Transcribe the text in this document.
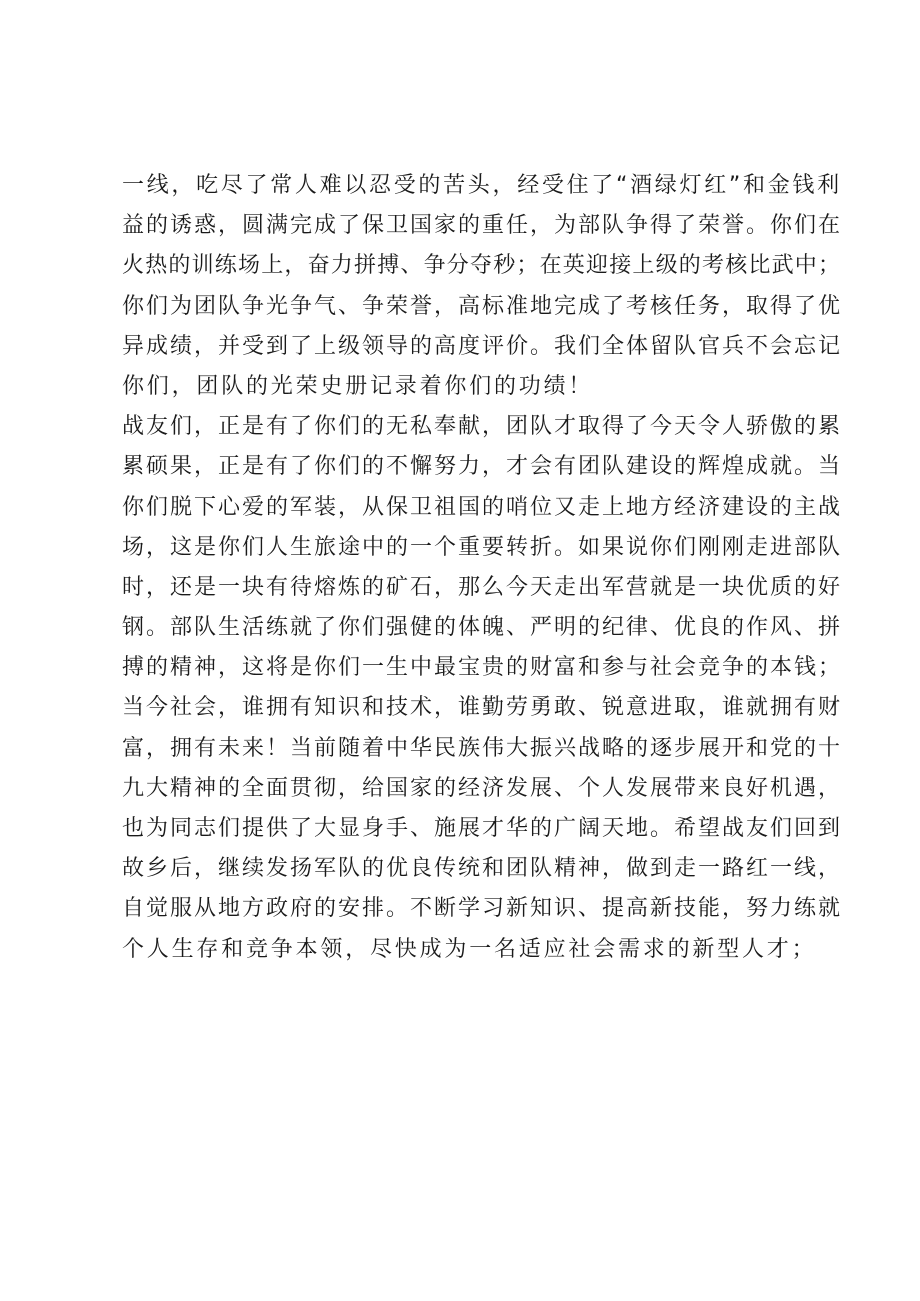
一线，吃尽了常人难以忍受的苦头，经受住了“酒绿灯红”和金钱利
益的诱惑，圆满完成了保卫国家的重任，为部队争得了荣誉。你们在
火热的训练场上，奋力拼搏、争分夺秒；在英迎接上级的考核比武中；
你们为团队争光争气、争荣誉，高标准地完成了考核任务，取得了优
异成绩，并受到了上级领导的高度评价。我们全体留队官兵不会忘记
你们，团队的光荣史册记录着你们的功绩！
战友们，正是有了你们的无私奉献，团队才取得了今天令人骄傲的累
累硕果，正是有了你们的不懈努力，才会有团队建设的辉煌成就。当
你们脱下心爱的军装，从保卫祖国的哨位又走上地方经济建设的主战
场，这是你们人生旅途中的一个重要转折。如果说你们刚刚走进部队
时，还是一块有待熔炼的矿石，那么今天走出军营就是一块优质的好
钢。部队生活练就了你们强健的体魄、严明的纪律、优良的作风、拼
搏的精神，这将是你们一生中最宝贵的财富和参与社会竞争的本钱；
当今社会，谁拥有知识和技术，谁勤劳勇敢、锐意进取，谁就拥有财
富，拥有未来！当前随着中华民族伟大振兴战略的逐步展开和党的十
九大精神的全面贯彻，给国家的经济发展、个人发展带来良好机遇，
也为同志们提供了大显身手、施展才华的广阔天地。希望战友们回到
故乡后，继续发扬军队的优良传统和团队精神，做到走一路红一线，
自觉服从地方政府的安排。不断学习新知识、提高新技能，努力练就
个人生存和竞争本领，尽快成为一名适应社会需求的新型人才；
